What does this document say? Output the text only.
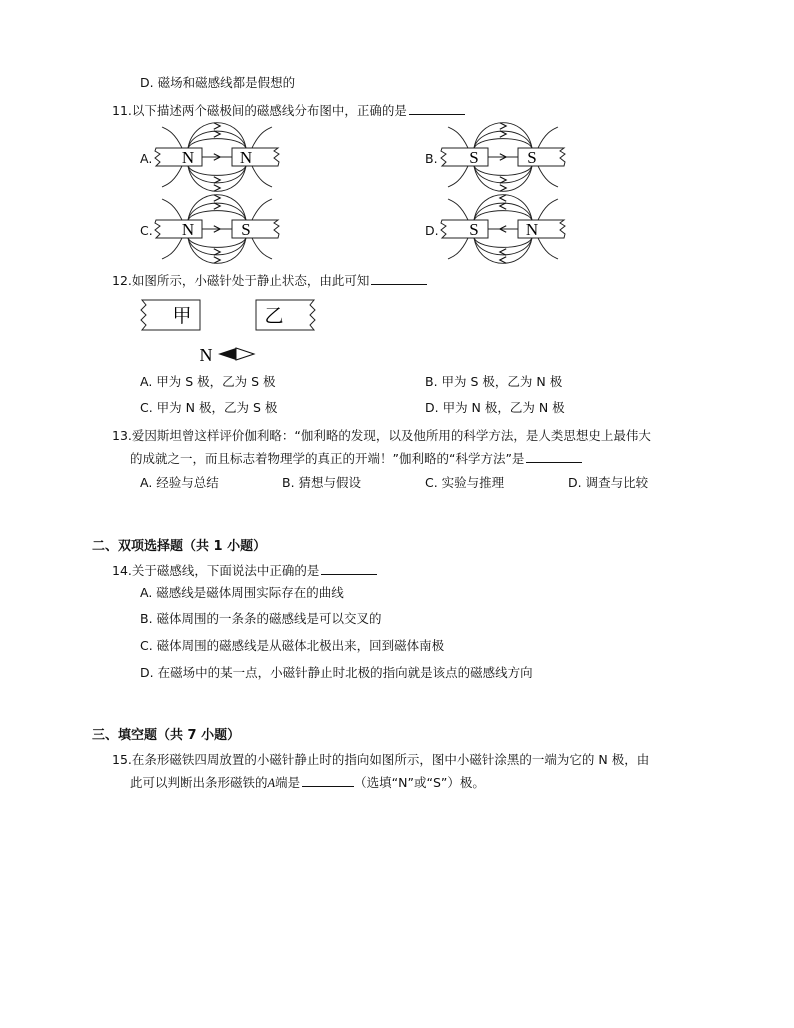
D. 磁场和磁感线都是假想的
11.以下描述两个磁极间的磁感线分布图中，正确的是
A. N	N	B. S	S
C. N	S	D. S	N
12.如图所示，小磁针处于静止状态，由此可知
甲	乙
N
A. 甲为 S 极，乙为 S 极	B. 甲为 S 极，乙为 N 极
C. 甲为 N 极，乙为 S 极	D. 甲为 N 极，乙为 N 极
13.爱因斯坦曾这样评价伽利略：“伽利略的发现，以及他所用的科学方法，是人类思想史上最伟大
的成就之一，而且标志着物理学的真正的开端！”伽利略的“科学方法”是
A. 经验与总结	B. 猜想与假设	C. 实验与推理	D. 调查与比较
二、双项选择题（共 1 小题）
14.关于磁感线，下面说法中正确的是
A. 磁感线是磁体周围实际存在的曲线
B. 磁体周围的一条条的磁感线是可以交叉的
C. 磁体周围的磁感线是从磁体北极出来，回到磁体南极
D. 在磁场中的某一点，小磁针静止时北极的指向就是该点的磁感线方向
三、填空题（共 7 小题）
15.在条形磁铁四周放置的小磁针静止时的指向如图所示，图中小磁针涂黑的一端为它的 N 极，由
此可以判断出条形磁铁的A端是	（选填“N”或“S”）极。
